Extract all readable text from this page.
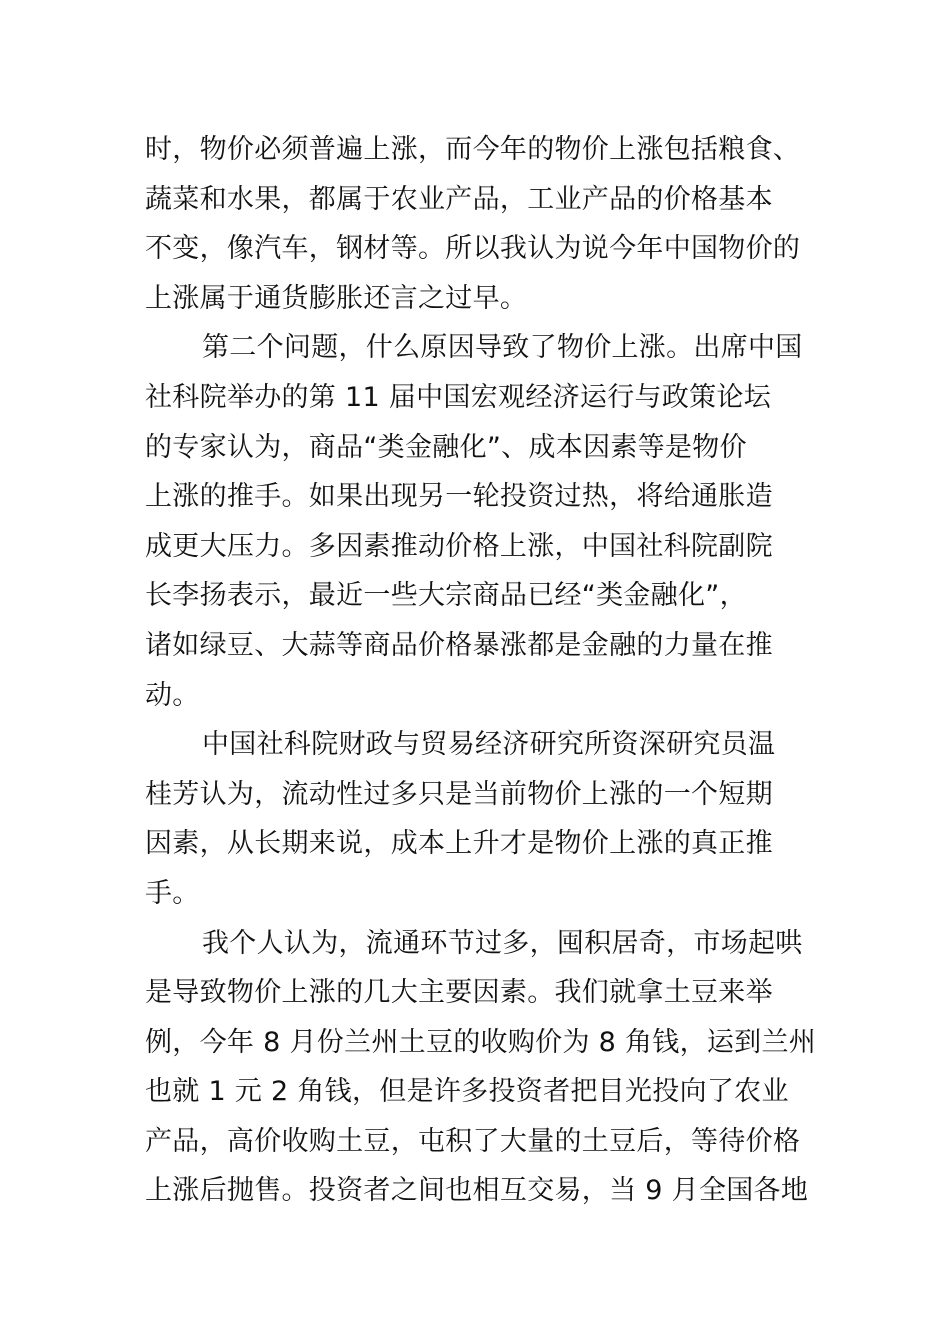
时，物价必须普遍上涨，而今年的物价上涨包括粮食、
蔬菜和水果，都属于农业产品，工业产品的价格基本
不变，像汽车，钢材等。所以我认为说今年中国物价的
上涨属于通货膨胀还言之过早。
第二个问题，什么原因导致了物价上涨。出席中国
社科院举办的第 11 届中国宏观经济运行与政策论坛
的专家认为，商品“类金融化”、成本因素等是物价
上涨的推手。如果出现另一轮投资过热，将给通胀造
成更大压力。多因素推动价格上涨，中国社科院副院
长李扬表示，最近一些大宗商品已经“类金融化”，
诸如绿豆、大蒜等商品价格暴涨都是金融的力量在推
动。
中国社科院财政与贸易经济研究所资深研究员温
桂芳认为，流动性过多只是当前物价上涨的一个短期
因素，从长期来说，成本上升才是物价上涨的真正推
手。
我个人认为，流通环节过多，囤积居奇，市场起哄
是导致物价上涨的几大主要因素。我们就拿土豆来举
例，今年 8 月份兰州土豆的收购价为 8 角钱，运到兰州
也就 1 元 2 角钱，但是许多投资者把目光投向了农业
产品，高价收购土豆，屯积了大量的土豆后，等待价格
上涨后抛售。投资者之间也相互交易，当 9 月全国各地
